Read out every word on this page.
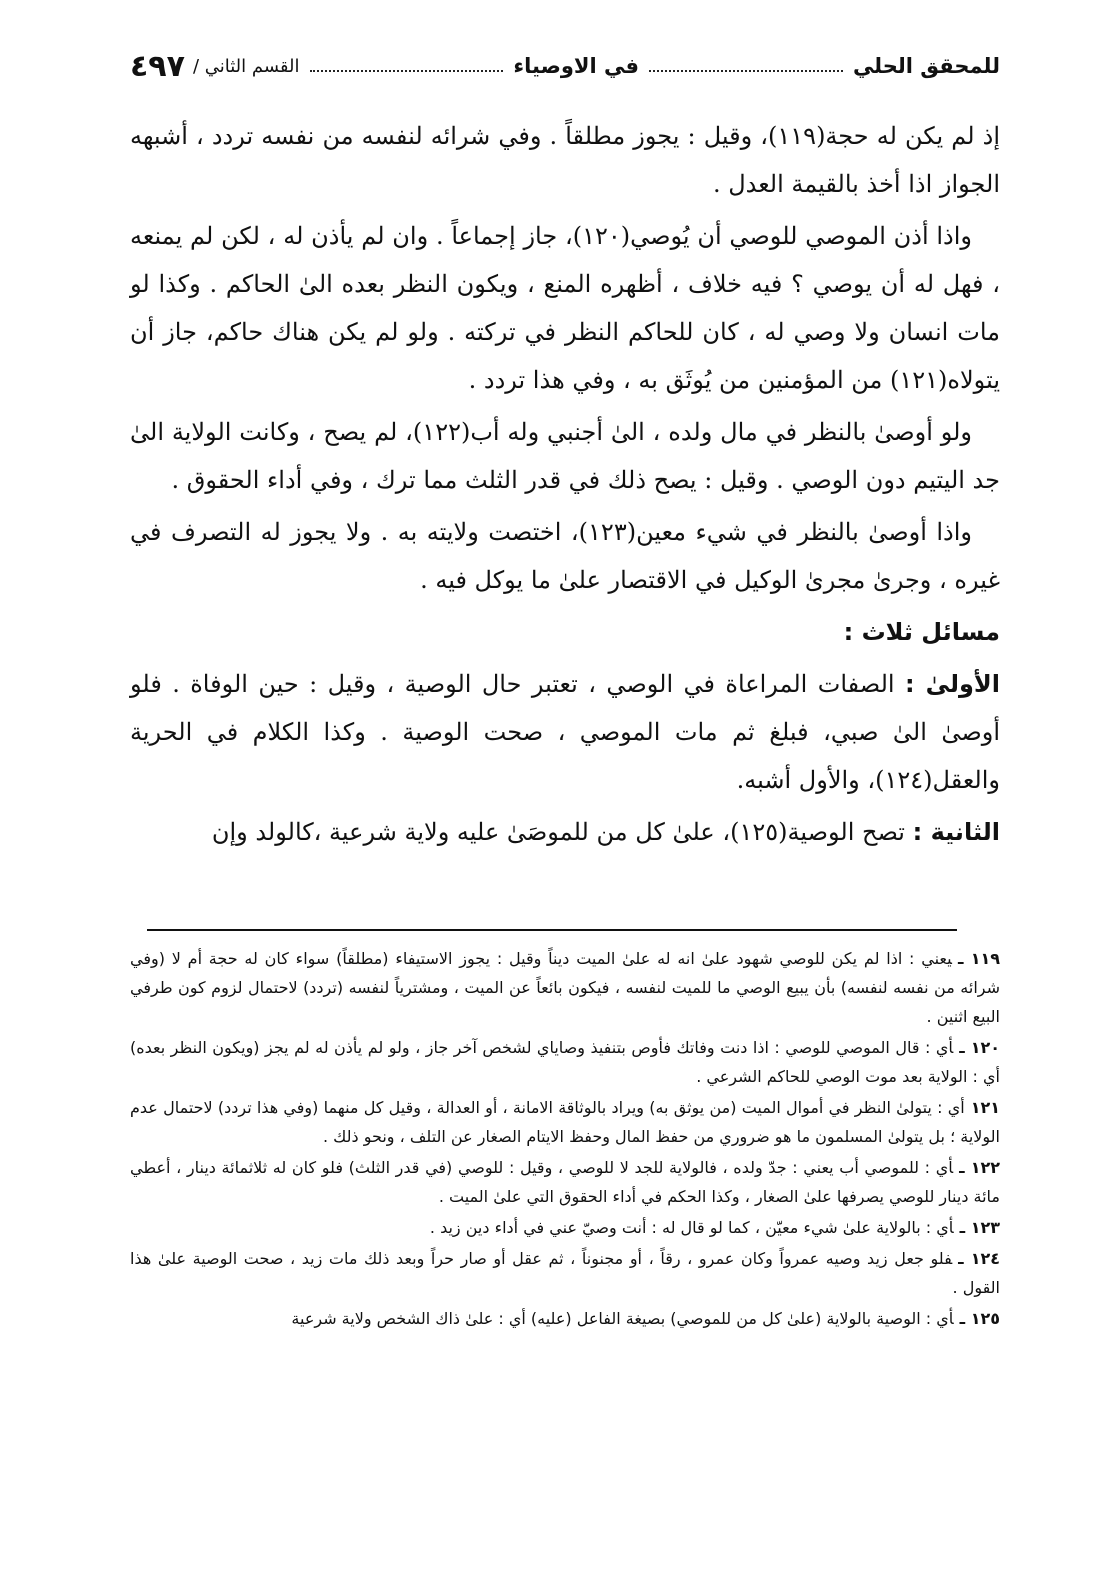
للمحقق الحلي
في الاوصياء
القسم الثاني /
٤٩٧

إذ لم يكن له حجة(١١٩)، وقيل : يجوز مطلقاً . وفي شرائه لنفسه من نفسه تردد ، أشبهه الجواز اذا أخذ بالقيمة العدل .

واذا أذن الموصي للوصي أن يُوصي(١٢٠)، جاز إجماعاً . وان لم يأذن له ، لكن لم يمنعه ، فهل له أن يوصي ؟ فيه خلاف ، أظهره المنع ، ويكون النظر بعده الىٰ الحاكم . وكذا لو مات انسان ولا وصي له ، كان للحاكم النظر في تركته . ولو لم يكن هناك حاكم، جاز أن يتولاه(١٢١) من المؤمنين من يُوثَق به ، وفي هذا تردد .

ولو أوصىٰ بالنظر في مال ولده ، الىٰ أجنبي وله أب(١٢٢)، لم يصح ، وكانت الولاية الىٰ جد اليتيم دون الوصي . وقيل : يصح ذلك في قدر الثلث مما ترك ، وفي أداء الحقوق .

واذا أوصىٰ بالنظر في شيء معين(١٢٣)، اختصت ولايته به . ولا يجوز له التصرف في غيره ، وجرىٰ مجرىٰ الوكيل في الاقتصار علىٰ ما يوكل فيه .

مسائل ثلاث :

الأولىٰ : الصفات المراعاة في الوصي ، تعتبر حال الوصية ، وقيل : حين الوفاة . فلو أوصىٰ الىٰ صبي، فبلغ ثم مات الموصي ، صحت الوصية . وكذا الكلام في الحرية والعقل(١٢٤)، والأول أشبه.

الثانية : تصح الوصية(١٢٥)، علىٰ كل من للموصَىٰ عليه ولاية شرعية ،كالولد وإن

١١٩ ـيعني : اذا لم يكن للوصي شهود علىٰ انه له علىٰ الميت ديناً وقيل : يجوز الاستيفاء (مطلقاً) سواء كان له حجة أم لا (وفي شرائه من نفسه لنفسه) بأن يبيع الوصي ما للميت لنفسه ، فيكون بائعاً عن الميت ، ومشترياً لنفسه (تردد) لاحتمال لزوم كون طرفي البيع اثنين .

١٢٠ ـأي : قال الموصي للوصي : اذا دنت وفاتك فأوص بتنفيذ وصاياي لشخص آخر جاز ، ولو لم يأذن له لم يجز (ويكون النظر بعده) أي : الولاية بعد موت الوصي للحاكم الشرعي .

١٢١أي : يتولىٰ النظر في أموال الميت (من يوثق به) ويراد بالوثاقة الامانة ، أو العدالة ، وقيل كل منهما (وفي هذا تردد) لاحتمال عدم الولاية ؛ بل يتولىٰ المسلمون ما هو ضروري من حفظ المال وحفظ الايتام الصغار عن التلف ، ونحو ذلك .

١٢٢ ـأي : للموصي أب يعني : جدّ ولده ، فالولاية للجد لا للوصي ، وقيل : للوصي (في قدر الثلث) فلو كان له ثلاثمائة دينار ، أعطي مائة دينار للوصي يصرفها علىٰ الصغار ، وكذا الحكم في أداء الحقوق التي علىٰ الميت .

١٢٣ ـأي : بالولاية علىٰ شيء معيّن ، كما لو قال له : أنت وصيّ عني في أداء دين زيد .

١٢٤ ـفلو جعل زيد وصيه عمرواً وكان عمرو ، رقاً ، أو مجنوناً ، ثم عقل أو صار حراً وبعد ذلك مات زيد ، صحت الوصية علىٰ هذا القول .

١٢٥ ـأي : الوصية بالولاية (علىٰ كل من للموصي) بصيغة الفاعل (عليه) أي : علىٰ ذاك الشخص ولاية شرعية
